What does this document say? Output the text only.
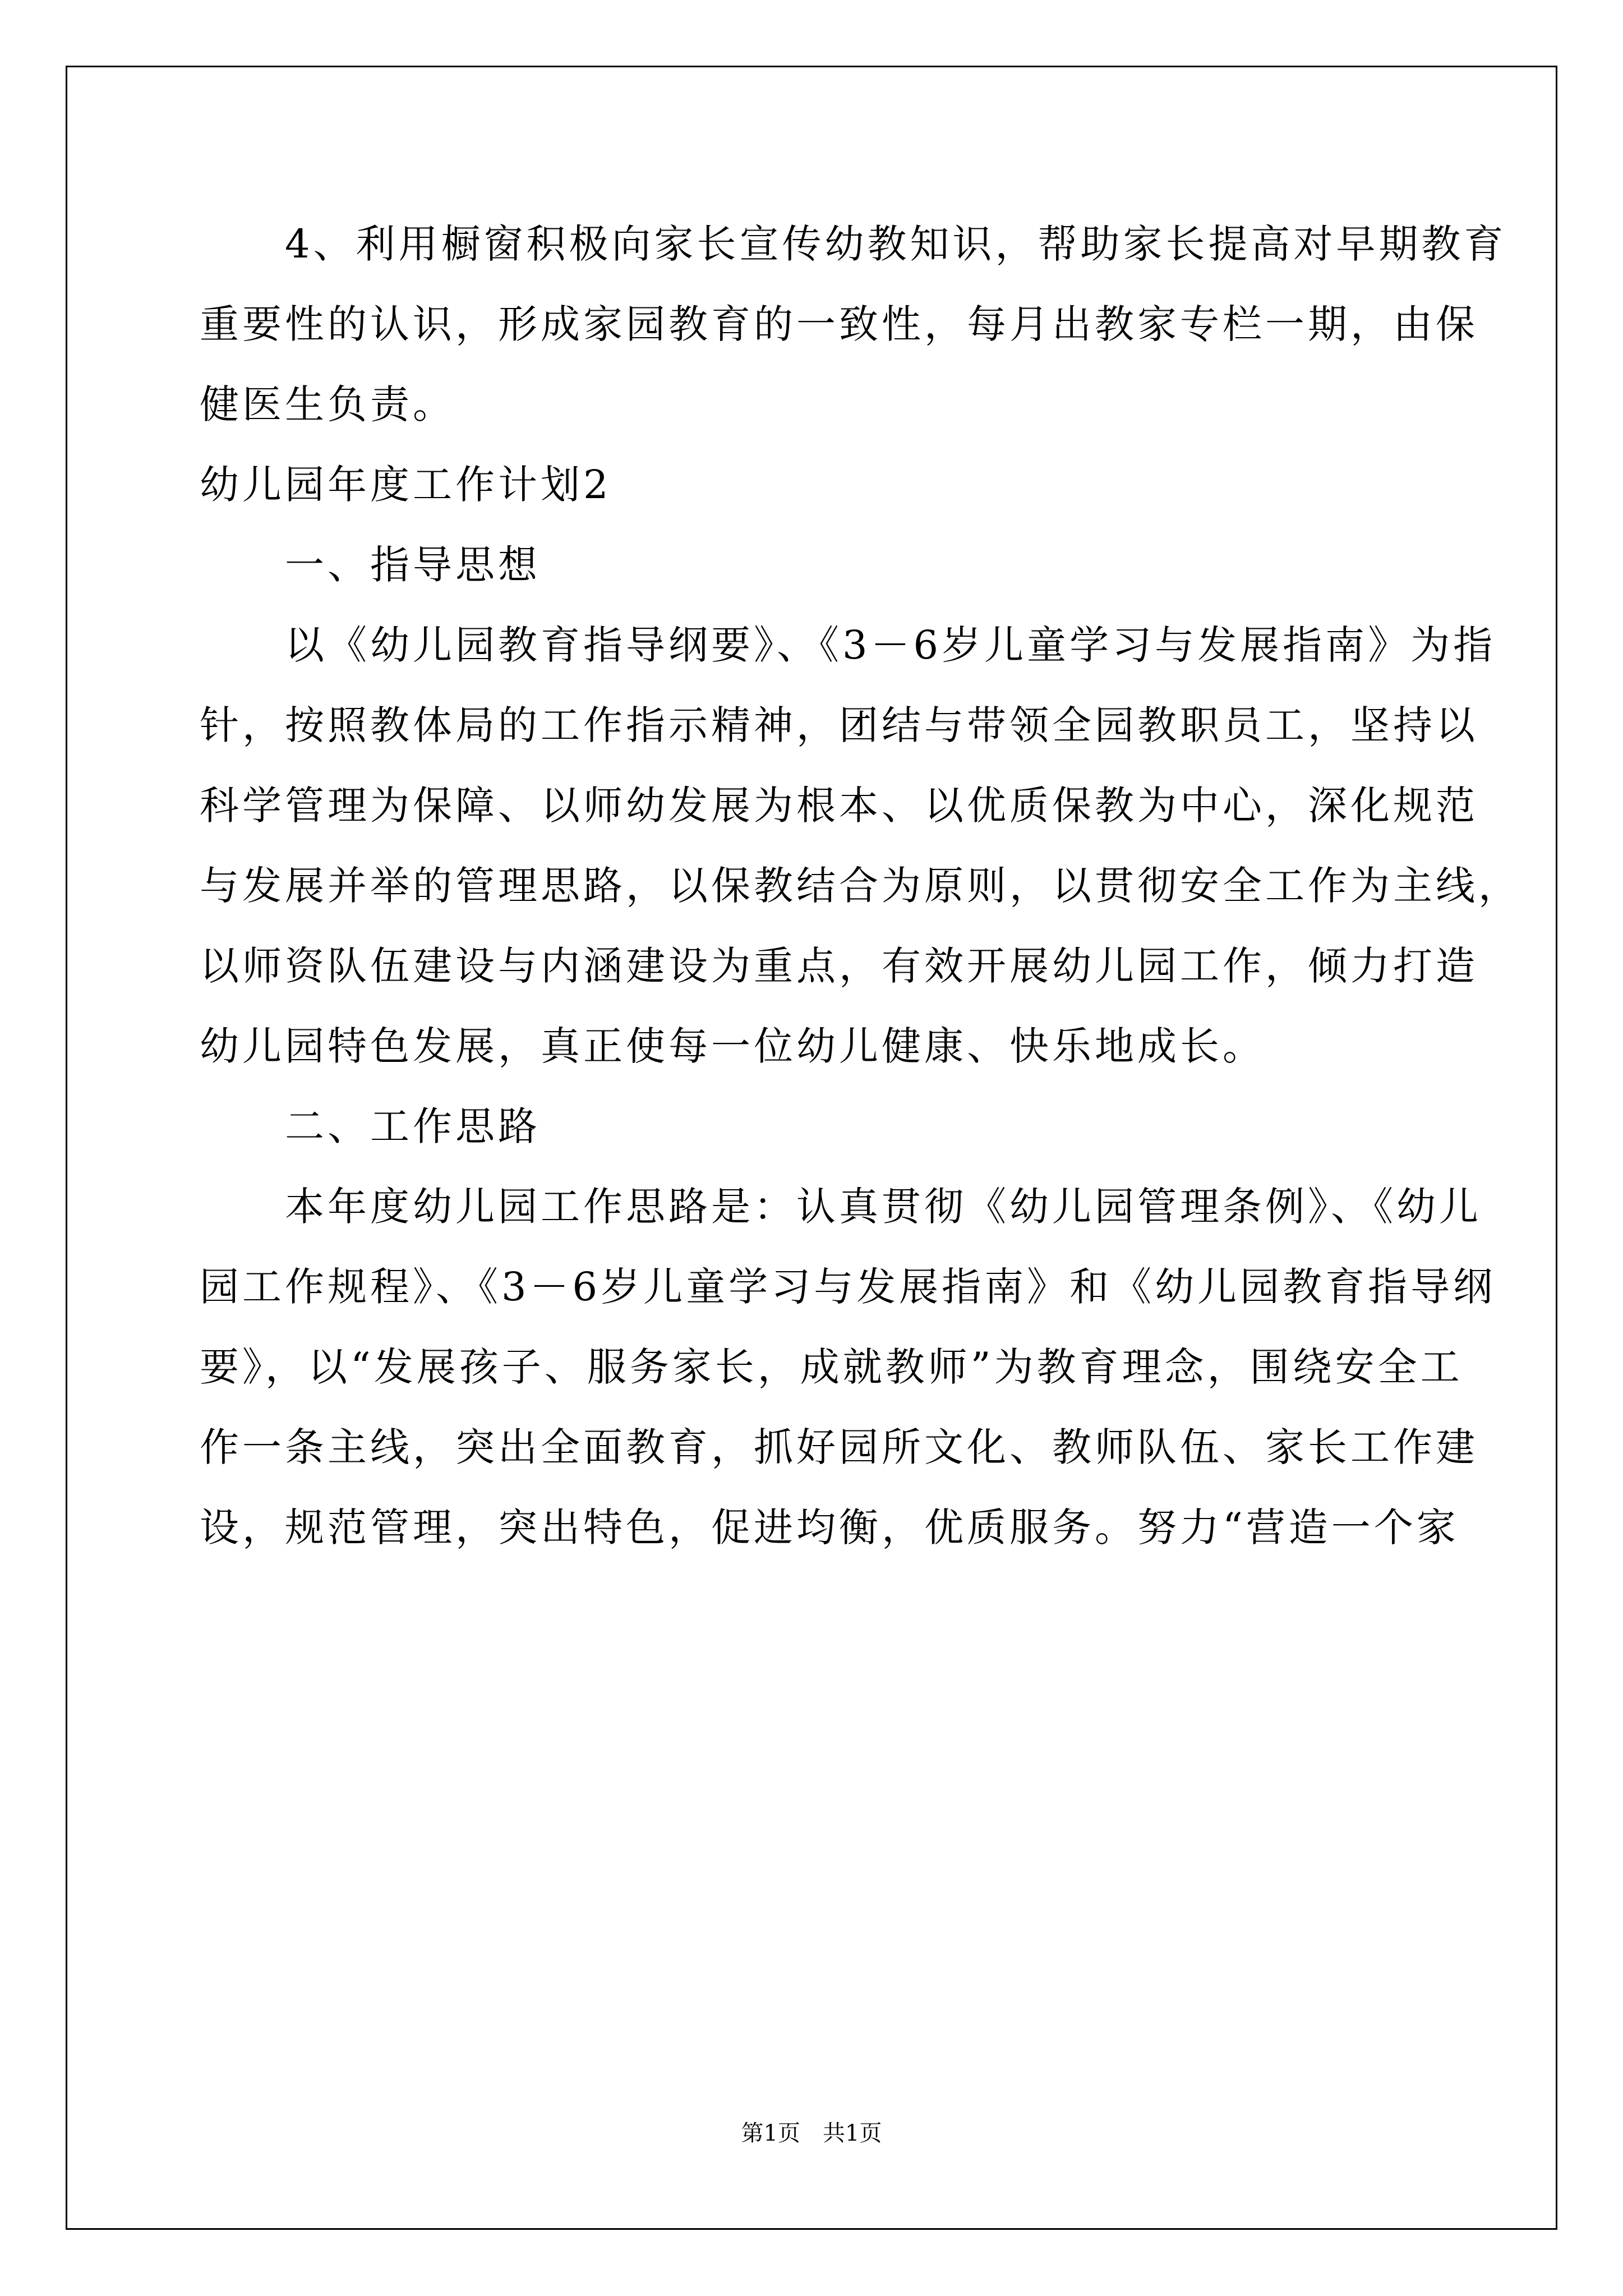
　　4、利用橱窗积极向家长宣传幼教知识，帮助家长提高对早期教育
重要性的认识，形成家园教育的一致性，每月出教家专栏一期，由保
健医生负责。
幼儿园年度工作计划2
　　一、指导思想
　　以《幼儿园教育指导纲要》、《3－6岁儿童学习与发展指南》为指
针，按照教体局的工作指示精神，团结与带领全园教职员工，坚持以
科学管理为保障、以师幼发展为根本、以优质保教为中心，深化规范
与发展并举的管理思路，以保教结合为原则，以贯彻安全工作为主线，
以师资队伍建设与内涵建设为重点，有效开展幼儿园工作，倾力打造
幼儿园特色发展，真正使每一位幼儿健康、快乐地成长。
　　二、工作思路
　　本年度幼儿园工作思路是：认真贯彻《幼儿园管理条例》、《幼儿
园工作规程》、《3－6岁儿童学习与发展指南》和《幼儿园教育指导纲
要》，以“发展孩子、服务家长，成就教师”为教育理念，围绕安全工
作一条主线，突出全面教育，抓好园所文化、教师队伍、家长工作建
设，规范管理，突出特色，促进均衡，优质服务。努力“营造一个家
第1页　共1页
